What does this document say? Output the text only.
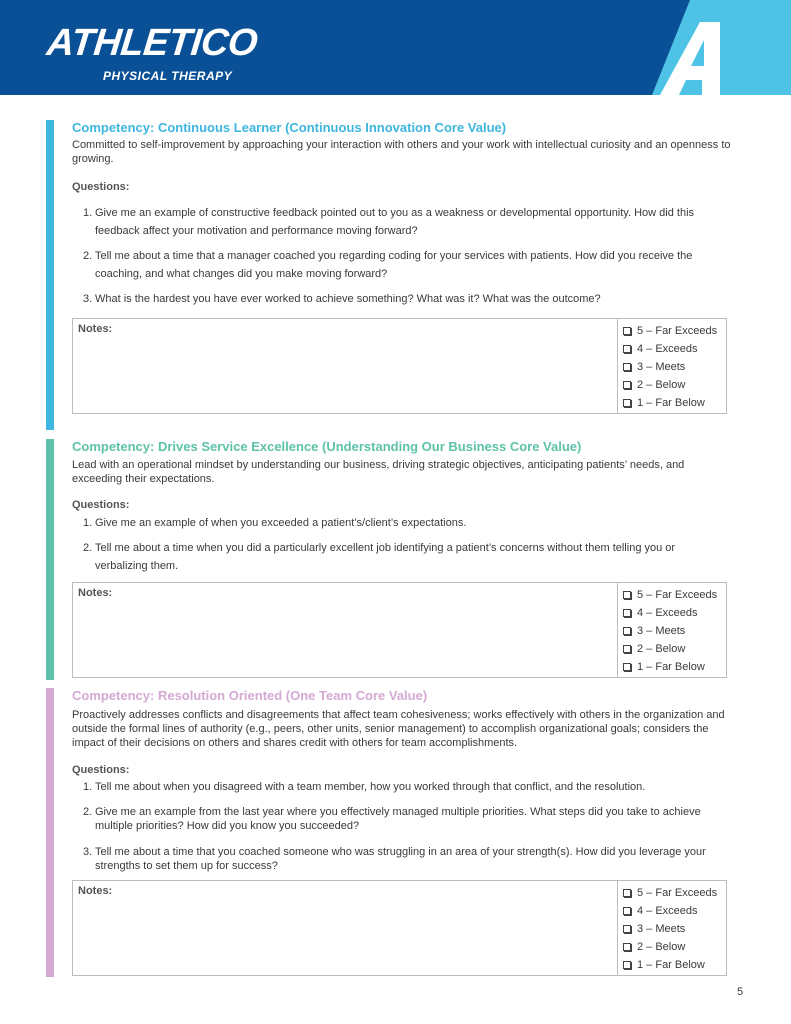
ATHLETICO
PHYSICAL THERAPY
Competency: Continuous Learner (Continuous Innovation Core Value)
Committed to self-improvement by approaching your interaction with others and your work with intellectual curiosity and an openness to growing.
Questions:
1. Give me an example of constructive feedback pointed out to you as a weakness or developmental opportunity. How did this feedback affect your motivation and performance moving forward?
2. Tell me about a time that a manager coached you regarding coding for your services with patients. How did you receive the coaching, and what changes did you make moving forward?
3. What is the hardest you have ever worked to achieve something? What was it? What was the outcome?
Notes:	5 – Far Exceeds
4 – Exceeds
3 – Meets
2 – Below
1 – Far Below
Competency: Drives Service Excellence (Understanding Our Business Core Value)
Lead with an operational mindset by understanding our business, driving strategic objectives, anticipating patients’ needs, and exceeding their expectations.
Questions:
1. Give me an example of when you exceeded a patient’s/client’s expectations.
2. Tell me about a time when you did a particularly excellent job identifying a patient’s concerns without them telling you or verbalizing them.
Notes:	5 – Far Exceeds
4 – Exceeds
3 – Meets
2 – Below
1 – Far Below
Competency: Resolution Oriented (One Team Core Value)
Proactively addresses conflicts and disagreements that affect team cohesiveness; works effectively with others in the organization and outside the formal lines of authority (e.g., peers, other units, senior management) to accomplish organizational goals; considers the impact of their decisions on others and shares credit with others for team accomplishments.
Questions:
1. Tell me about when you disagreed with a team member, how you worked through that conflict, and the resolution.
2. Give me an example from the last year where you effectively managed multiple priorities. What steps did you take to achieve multiple priorities? How did you know you succeeded?
3. Tell me about a time that you coached someone who was struggling in an area of your strength(s). How did you leverage your strengths to set them up for success?
Notes:	5 – Far Exceeds
4 – Exceeds
3 – Meets
2 – Below
1 – Far Below
5
